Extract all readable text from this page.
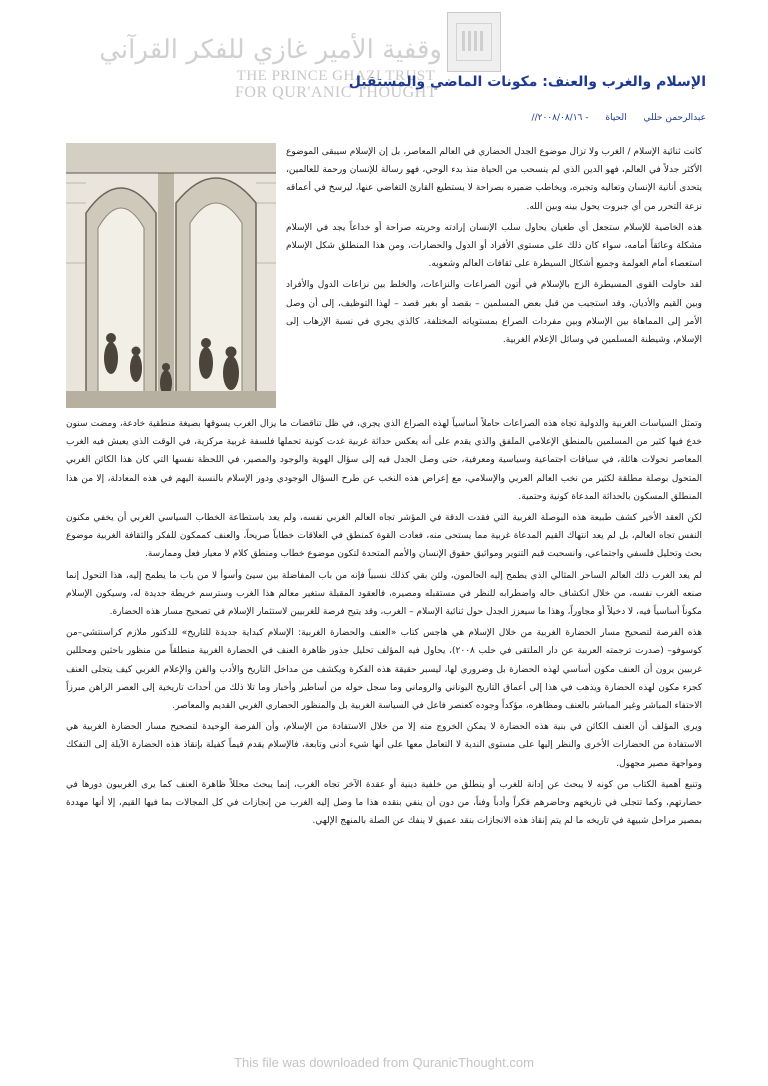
وقفية الأمير غازي للفكر القرآني
THE PRINCE GHAZI TRUST
FOR QUR'ANIC THOUGHT
الإسلام والغرب والعنف: مكونات الماضي والمستقبل
عبدالرحمن حللي الحياة - ٢٠٠٨/٠٨/١٦//

كانت ثنائية الإسلام / الغرب ولا تزال موضوع الجدل الحضاري في العالم المعاصر، بل إن الإسلام سيبقى الموضوع الأكثر جدلاً في العالم، فهو الدين الذي لم ينسحب من الحياة منذ بدء الوحي، فهو رسالة للإنسان ورحمة للعالمين، يتحدى أنانية الإنسان وتعاليه وتجبره، ويخاطب ضميره بصراحة لا يستطيع القارئ التغاضي عنها، ليرسخ في أعماقه نزعة التحرر من أي جبروت يحول بينه وبين الله.

هذه الخاصية للإسلام ستجعل أي طغيان يحاول سلب الإنسان إرادته وحريته صراحة أو خداعاً يجد في الإسلام مشكلة وعائقاً أمامه، سواء كان ذلك على مستوى الأفراد أو الدول والحضارات، ومن هذا المنطلق شكل الإسلام استعصاء أمام العولمة وجميع أشكال السيطرة على ثقافات العالم وشعوبه.

لقد حاولت القوى المسيطرة الزج بالإسلام في أتون الصراعات والنزاعات، والخلط بين نزاعات الدول والأفراد وبين القيم والأديان، وقد استجيب من قبل بعض المسلمين – بقصد أو بغير قصد – لهذا التوظيف، إلى أن وصل الأمر إلى المماهاة بين الإسلام وبين مفردات الصراع بمستوياته المختلفة، كالذي يجري في نسبة الإرهاب إلى الإسلام، وشيطنة المسلمين في وسائل الإعلام الغربية.

وتمثل السياسات الغربية والدولية تجاه هذه الصراعات حاملاً أساسياً لهذه الصراع الذي يجري، في ظل تناقضات ما يزال الغرب يسوقها بصيغة منطقية خادعة، ومضت سنون خدع فيها كثير من المسلمين بالمنطق الإعلامي الملفق والذي يقدم على أنه يعكس حداثة غربية غدت كونية تحملها فلسفة غربية مركزية، في الوقت الذي يعيش فيه الغرب المعاصر تحولات هائلة، في سياقات اجتماعية وسياسية ومعرفية، حتى وصل الجدل فيه إلى سؤال الهوية والوجود والمصير، في اللحظة نفسها التي كان هذا الكائن الغربي المتحول بوصلة مطلقة لكثير من نخب العالم العربي والإسلامي، مع إعراض هذه النخب عن طرح السؤال الوجودي ودور الإسلام بالنسبة اليهم في هذه المعادلة، إلا من هذا المنطلق المسكون بالحداثة المدعاة كونية وحتمية.

لكن العقد الأخير كشف طبيعة هذه البوصلة الغربية التي فقدت الدقة في المؤشر تجاه العالم الغربي نفسه، ولم يعد باستطاعة الخطاب السياسي الغربي أن يخفي مكنون النفس تجاه العالم، بل لم يعد انتهاك القيم المدعاة غربية مما يستحى منه، فعادت القوة كمنطق في العلاقات خطاباً صريحاً، والعنف كممكون للفكر والثقافة الغربية موضوع بحث وتحليل فلسفي واجتماعي، وانسحبت قيم التنوير ومواثيق حقوق الإنسان والأمم المتحدة لتكون موضوع خطاب ومنطق كلام لا معيار فعل وممارسة.

لم يعد الغرب ذلك العالم الساحر المثالي الذي يطمح إليه الحالمون، ولئن بقي كذلك نسبياً فإنه من باب المفاضلة بين سيئ وأسوأ لا من باب ما يطمح إليه، هذا التحول إنما صنعه الغرب نفسه، من خلال انكشاف حاله واضطرابه للنظر في مستقبله ومصيره، فالعقود المقبلة ستغير معالم هذا الغرب وسترسم خريطة جديدة له، وسيكون الإسلام مكوناً أساسياً فيه، لا دخيلاً أو مجاوراً، وهذا ما سيعزز الجدل حول ثنائية الإسلام – الغرب، وقد يتيح فرصة للغربيين لاستثمار الإسلام في تصحيح مسار هذه الحضارة.

هذه الفرصة لتصحيح مسار الحضارة الغربية من خلال الإسلام هي هاجس كتاب «العنف والحضارة الغربية: الإسلام كبداية جديدة للتاريخ» للدكتور ملازم كراسنتشي–من كوسوفو– (صدرت ترجمته العربية عن دار الملتقى في حلب ٢٠٠٨)، يحاول فيه المؤلف تحليل جذور ظاهرة العنف في الحضارة الغربية منطلقاً من منظور باحثين ومحللين غربيين يرون أن العنف مكون أساسي لهذه الحضارة بل وضروري لها، ليسبر حقيقة هذه الفكرة ويكشف من مداخل التاريخ والأدب والفن والإعلام الغربي كيف يتجلى العنف كجزء مكون لهذه الحضارة ويذهب في هذا إلى أعماق التاريخ اليوناني والروماني وما سجل حوله من أساطير وأخبار وما تلا ذلك من أحداث تاريخية إلى العصر الراهن مبرزاً الاحتفاء المباشر وغير المباشر بالعنف ومظاهره، مؤكداً وجوده كعنصر فاعل في السياسة الغربية بل والمنظور الحضاري الغربي القديم والمعاصر.

ويرى المؤلف أن العنف الكائن في بنية هذه الحضارة لا يمكن الخروج منه إلا من خلال الاستفادة من الإسلام، وأن الفرصة الوحيدة لتصحيح مسار الحضارة الغربية هي الاستفادة من الحضارات الأخرى والنظر إليها على مستوى الندية لا التعامل معها على أنها شيء أدنى وتابعة، فالإسلام يقدم قيماً كفيلة بإنقاذ هذه الحضارة الآيلة إلى التفكك ومواجهة مصير مجهول.

وتنبع أهمية الكتاب من كونه لا يبحث عن إدانة للغرب أو ينطلق من خلفية دينية أو عقدة الآخر تجاه الغرب، إنما يبحث محللاً ظاهرة العنف كما يرى الغربيون دورها في حضارتهم، وكما تتجلى في تاريخهم وحاضرهم فكراً وأدباً وفناً، من دون أن ينفي بنقده هذا ما وصل إليه الغرب من إنجازات في كل المجالات بما فيها القيم، إلا أنها مهددة بمصير مراحل شبيهة في تاريخه ما لم يتم إنقاذ هذه الانجازات بنقد عميق لا ينفك عن الصلة بالمنهج الإلهي.

This file was downloaded from QuranicThought.com
